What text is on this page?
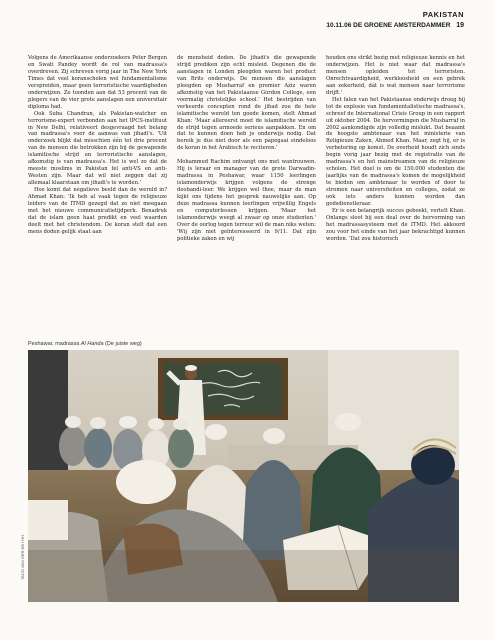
PAKISTAN
10.11.06 DE GROENE AMSTERDAMMER 19

Volgens de Amerikaanse onderzoekers Peter Bergen en Swati Pandey wordt de rol van madrassa's overdreven. Zij schreven vorig jaar in The New York Times dat veel koranscholen wel fundamentalisme verspreiden, maar geen terroristische vaardigheden onderwijzen. Ze toonden aan dat 53 procent van de plegers van de vier grote aanslagen een universitair diploma had.

Ook Suba Chandran, als Pakistan-watcher en terrorisme-expert verbonden aan het IPCS-instituut in New Delhi, relativeert desgevraagd het belang van madrassa's voor de aanwas van jihadi's. 'Uit onderzoek blijkt dat misschien één tot drie procent van de mensen die betrokken zijn bij de gewapende islamitische strijd en terroristische aanslagen, afkomstig is van madrassa's. Het is wel zo dat de meeste moslims in Pakistan fel anti-VS en anti-Westen zijn. Maar dat wil niet zeggen dat zij allemaal klaarstaan om jihadi's te worden.'

Hoe komt dat negatieve beeld dan de wereld in? Ahmad Khan: 'Ik heb al vaak tegen de religieuze leiders van de ITMD gezegd dat ze niet meegaan met het nieuwe communicatietijdperk. Benadruk dat de islam geen haat predikt en veel waarden deelt met het christendom. De koran stelt dat een mens doden gelijk staat aan

de mensheid doden. De jihadi's die gewapende strijd prediken zijn echt misleid. Degenen die de aanslagen in Londen pleegden waren het product van Brits onderwijs. De mensen die aanslagen pleegden op Musharraf en premier Aziz waren afkomstig van het Pakistaanse Gordon College, een voormalig christelijke school.' Het bestrijden van verkeerde concepten rond de jihad zou de hele islamitische wereld ten goede komen, stelt Ahmad Khan: 'Maar allereerst moet de islamitische wereld de strijd tegen armoede serieus aanpakken. En om dat te kunnen doen heb je onderwijs nodig. Dat bereik je dus niet door als een papegaai eindeloos de koran in het Arabisch te reciteren.'

Mohammed Rachim ontvangt ons met wantrouwen. Hij is leraar en manager van de grote Darwadin-madrassa in Peshawar, waar 1150 leerlingen islamonderwijs krijgen volgens de strenge deobandi-leer. We krijgen wel thee, maar de man kijkt ons tijdens het gesprek nauwelijks aan. Op deze madrassa kunnen leerlingen vrijwillig Engels en computerlessen krijgen. 'Maar het islamonderwijs weegt al zwaar op onze studenten.' Over de oorlog tegen terreur wil de man niks weten: 'Wij zijn niet geïnteresseerd in 9/11. Dat zijn politieke zaken en wij

houden ons strikt bezig met religieuze kennis en het onderwijzen. Het is niet waar dat madrassa's mensen opleiden tot terroristen. Onrechtvaardigheid, werkloosheid en een gebrek aan zekerheid, dát is wat mensen naar terrorisme drijft.'

Het falen van het Pakistaanse onderwijs droeg bij tot de explosie van fundamentalistische madrassa's, schreef de International Crisis Group in een rapport uit oktober 2004. De hervormingen die Musharraf in 2002 aankondigde zijn volledig mislukt. Dat beaamt de hoogste ambtenaar van het ministerie van Religieuze Zaken, Ahmed Khan. Maar, zegt hij, er is verbetering op komst. De overheid houdt zich sinds begin vorig jaar bezig met de registratie van de madrassa's en het mainstreamen van de religieuze scholen. Het doel is om de 150.000 studenten die jaarlijks van de madrassa's komen de mogelijkheid te bieden om ambtenaar te worden of door te stromen naar universiteiten en colleges, zodat ze ook iets anders kunnen worden dan godsdienstleraar.

Er is een belangrijk succes geboekt, vertelt Khan. Onlangs sloot hij een deal over de hervorming van het madrassasysteem met de ITMD. Het akkoord zou voor het einde van het jaar bekrachtigd kunnen worden. 'Dat zou historisch

Peshawar, madrassa Al Handa (De juiste weg)
TACO VAN DER EB / HH
